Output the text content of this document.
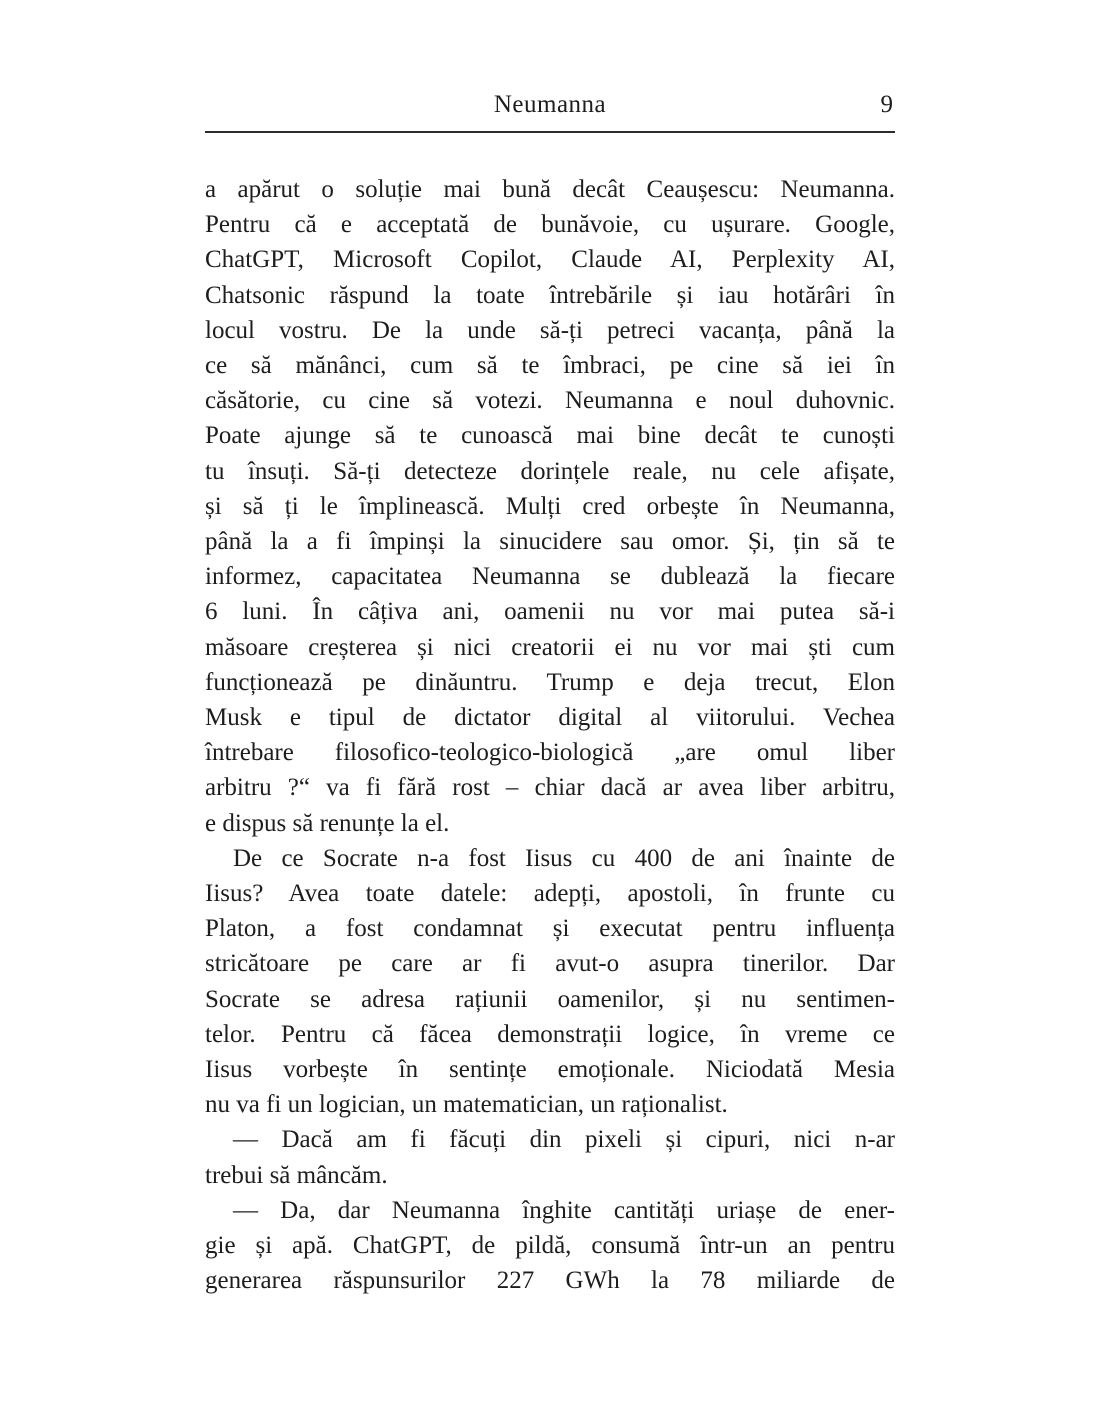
Neumanna	9
a apărut o soluție mai bună decât Ceaușescu: Neumanna.
Pentru că e acceptată de bunăvoie, cu ușurare. Google,
ChatGPT, Microsoft Copilot, Claude AI, Perplexity AI,
Chatsonic răspund la toate întrebările și iau hotărâri în
locul vostru. De la unde să-ți petreci vacanța, până la
ce să mănânci, cum să te îmbraci, pe cine să iei în
căsătorie, cu cine să votezi. Neumanna e noul duhovnic.
Poate ajunge să te cunoască mai bine decât te cunoști
tu însuți. Să-ți detecteze dorințele reale, nu cele afișate,
și să ți le împlinească. Mulți cred orbește în Neumanna,
până la a fi împinși la sinucidere sau omor. Și, țin să te
informez, capacitatea Neumanna se dublează la fiecare
6 luni. În câțiva ani, oamenii nu vor mai putea să-i
măsoare creșterea și nici creatorii ei nu vor mai ști cum
funcționează pe dinăuntru. Trump e deja trecut, Elon
Musk e tipul de dictator digital al viitorului. Vechea
întrebare filosofico-teologico-biologică „are omul liber
arbitru ?“ va fi fără rost – chiar dacă ar avea liber arbitru,
e dispus să renunțe la el.
De ce Socrate n-a fost Iisus cu 400 de ani înainte de
Iisus? Avea toate datele: adepți, apostoli, în frunte cu
Platon, a fost condamnat și executat pentru influența
stricătoare pe care ar fi avut-o asupra tinerilor. Dar
Socrate se adresa rațiunii oamenilor, și nu sentimen-
telor. Pentru că făcea demonstrații logice, în vreme ce
Iisus vorbește în sentințe emoționale. Niciodată Mesia
nu va fi un logician, un matematician, un raționalist.
— Dacă am fi făcuți din pixeli și cipuri, nici n-ar
trebui să mâncăm.
— Da, dar Neumanna înghite cantități uriașe de ener-
gie și apă. ChatGPT, de pildă, consumă într-un an pentru
generarea răspunsurilor 227 GWh la 78 miliarde de
